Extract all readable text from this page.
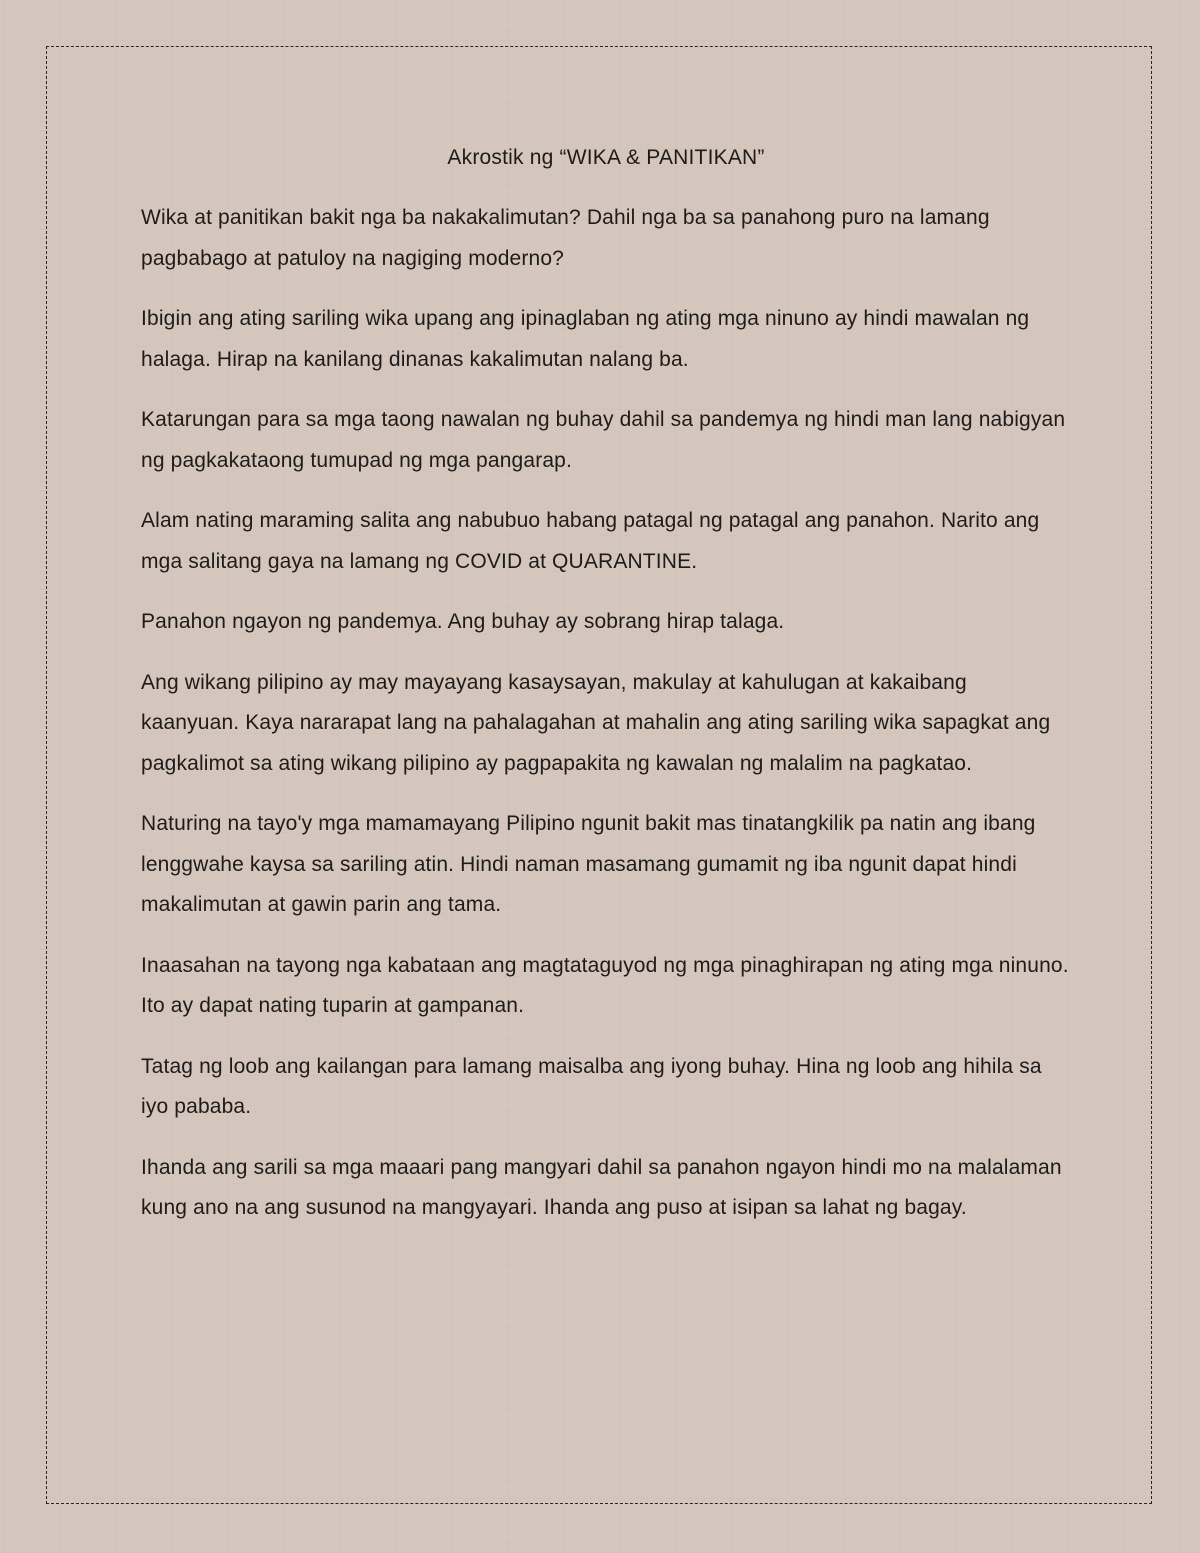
Akrostik ng “WIKA & PANITIKAN”

Wika at panitikan bakit nga ba nakakalimutan? Dahil nga ba sa panahong puro na lamang pagbabago at patuloy na nagiging moderno?

Ibigin ang ating sariling wika upang ang ipinaglaban ng ating mga ninuno ay hindi mawalan ng halaga. Hirap na kanilang dinanas kakalimutan nalang ba.

Katarungan para sa mga taong nawalan ng buhay dahil sa pandemya ng hindi man lang nabigyan ng pagkakataong tumupad ng mga pangarap.

Alam nating maraming salita ang nabubuo habang patagal ng patagal ang panahon. Narito ang mga salitang gaya na lamang ng COVID at QUARANTINE.

Panahon ngayon ng pandemya. Ang buhay ay sobrang hirap talaga.

Ang wikang pilipino ay may mayayang kasaysayan, makulay at kahulugan at kakaibang kaanyuan. Kaya nararapat lang na pahalagahan at mahalin ang ating sariling wika sapagkat ang pagkalimot sa ating wikang pilipino ay pagpapakita ng kawalan ng malalim na pagkatao.

Naturing na tayo'y mga mamamayang Pilipino ngunit bakit mas tinatangkilik pa natin ang ibang lenggwahe kaysa sa sariling atin. Hindi naman masamang gumamit ng iba ngunit dapat hindi makalimutan at gawin parin ang tama.

Inaasahan na tayong nga kabataan ang magtataguyod ng mga pinaghirapan ng ating mga ninuno. Ito ay dapat nating tuparin at gampanan.

Tatag ng loob ang kailangan para lamang maisalba ang iyong buhay. Hina ng loob ang hihila sa iyo pababa.

Ihanda ang sarili sa mga maaari pang mangyari dahil sa panahon ngayon hindi mo na malalaman kung ano na ang susunod na mangyayari. Ihanda ang puso at isipan sa lahat ng bagay.
